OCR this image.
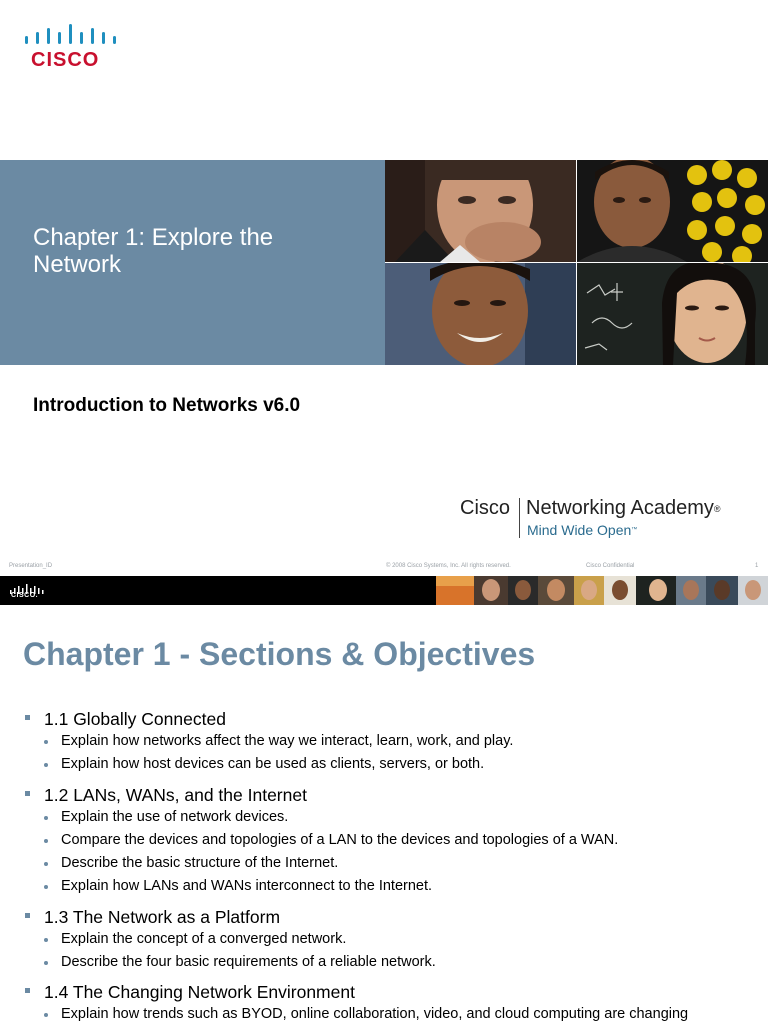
CISCO
Chapter 1: Explore the Network
Introduction to Networks v6.0
Cisco Networking Academy®
Mind Wide Open™
Presentation_ID	© 2008 Cisco Systems, Inc. All rights reserved.	Cisco Confidential	1
CISCO.
Chapter 1 - Sections & Objectives
1.1 Globally Connected
Explain how networks affect the way we interact, learn, work, and play.
Explain how host devices can be used as clients, servers, or both.
1.2 LANs, WANs, and the Internet
Explain the use of network devices.
Compare the devices and topologies of a LAN to the devices and topologies of a WAN.
Describe the basic structure of the Internet.
Explain how LANs and WANs interconnect to the Internet.
1.3 The Network as a Platform
Explain the concept of a converged network.
Describe the four basic requirements of a reliable network.
1.4 The Changing Network Environment
Explain how trends such as BYOD, online collaboration, video, and cloud computing are changing
